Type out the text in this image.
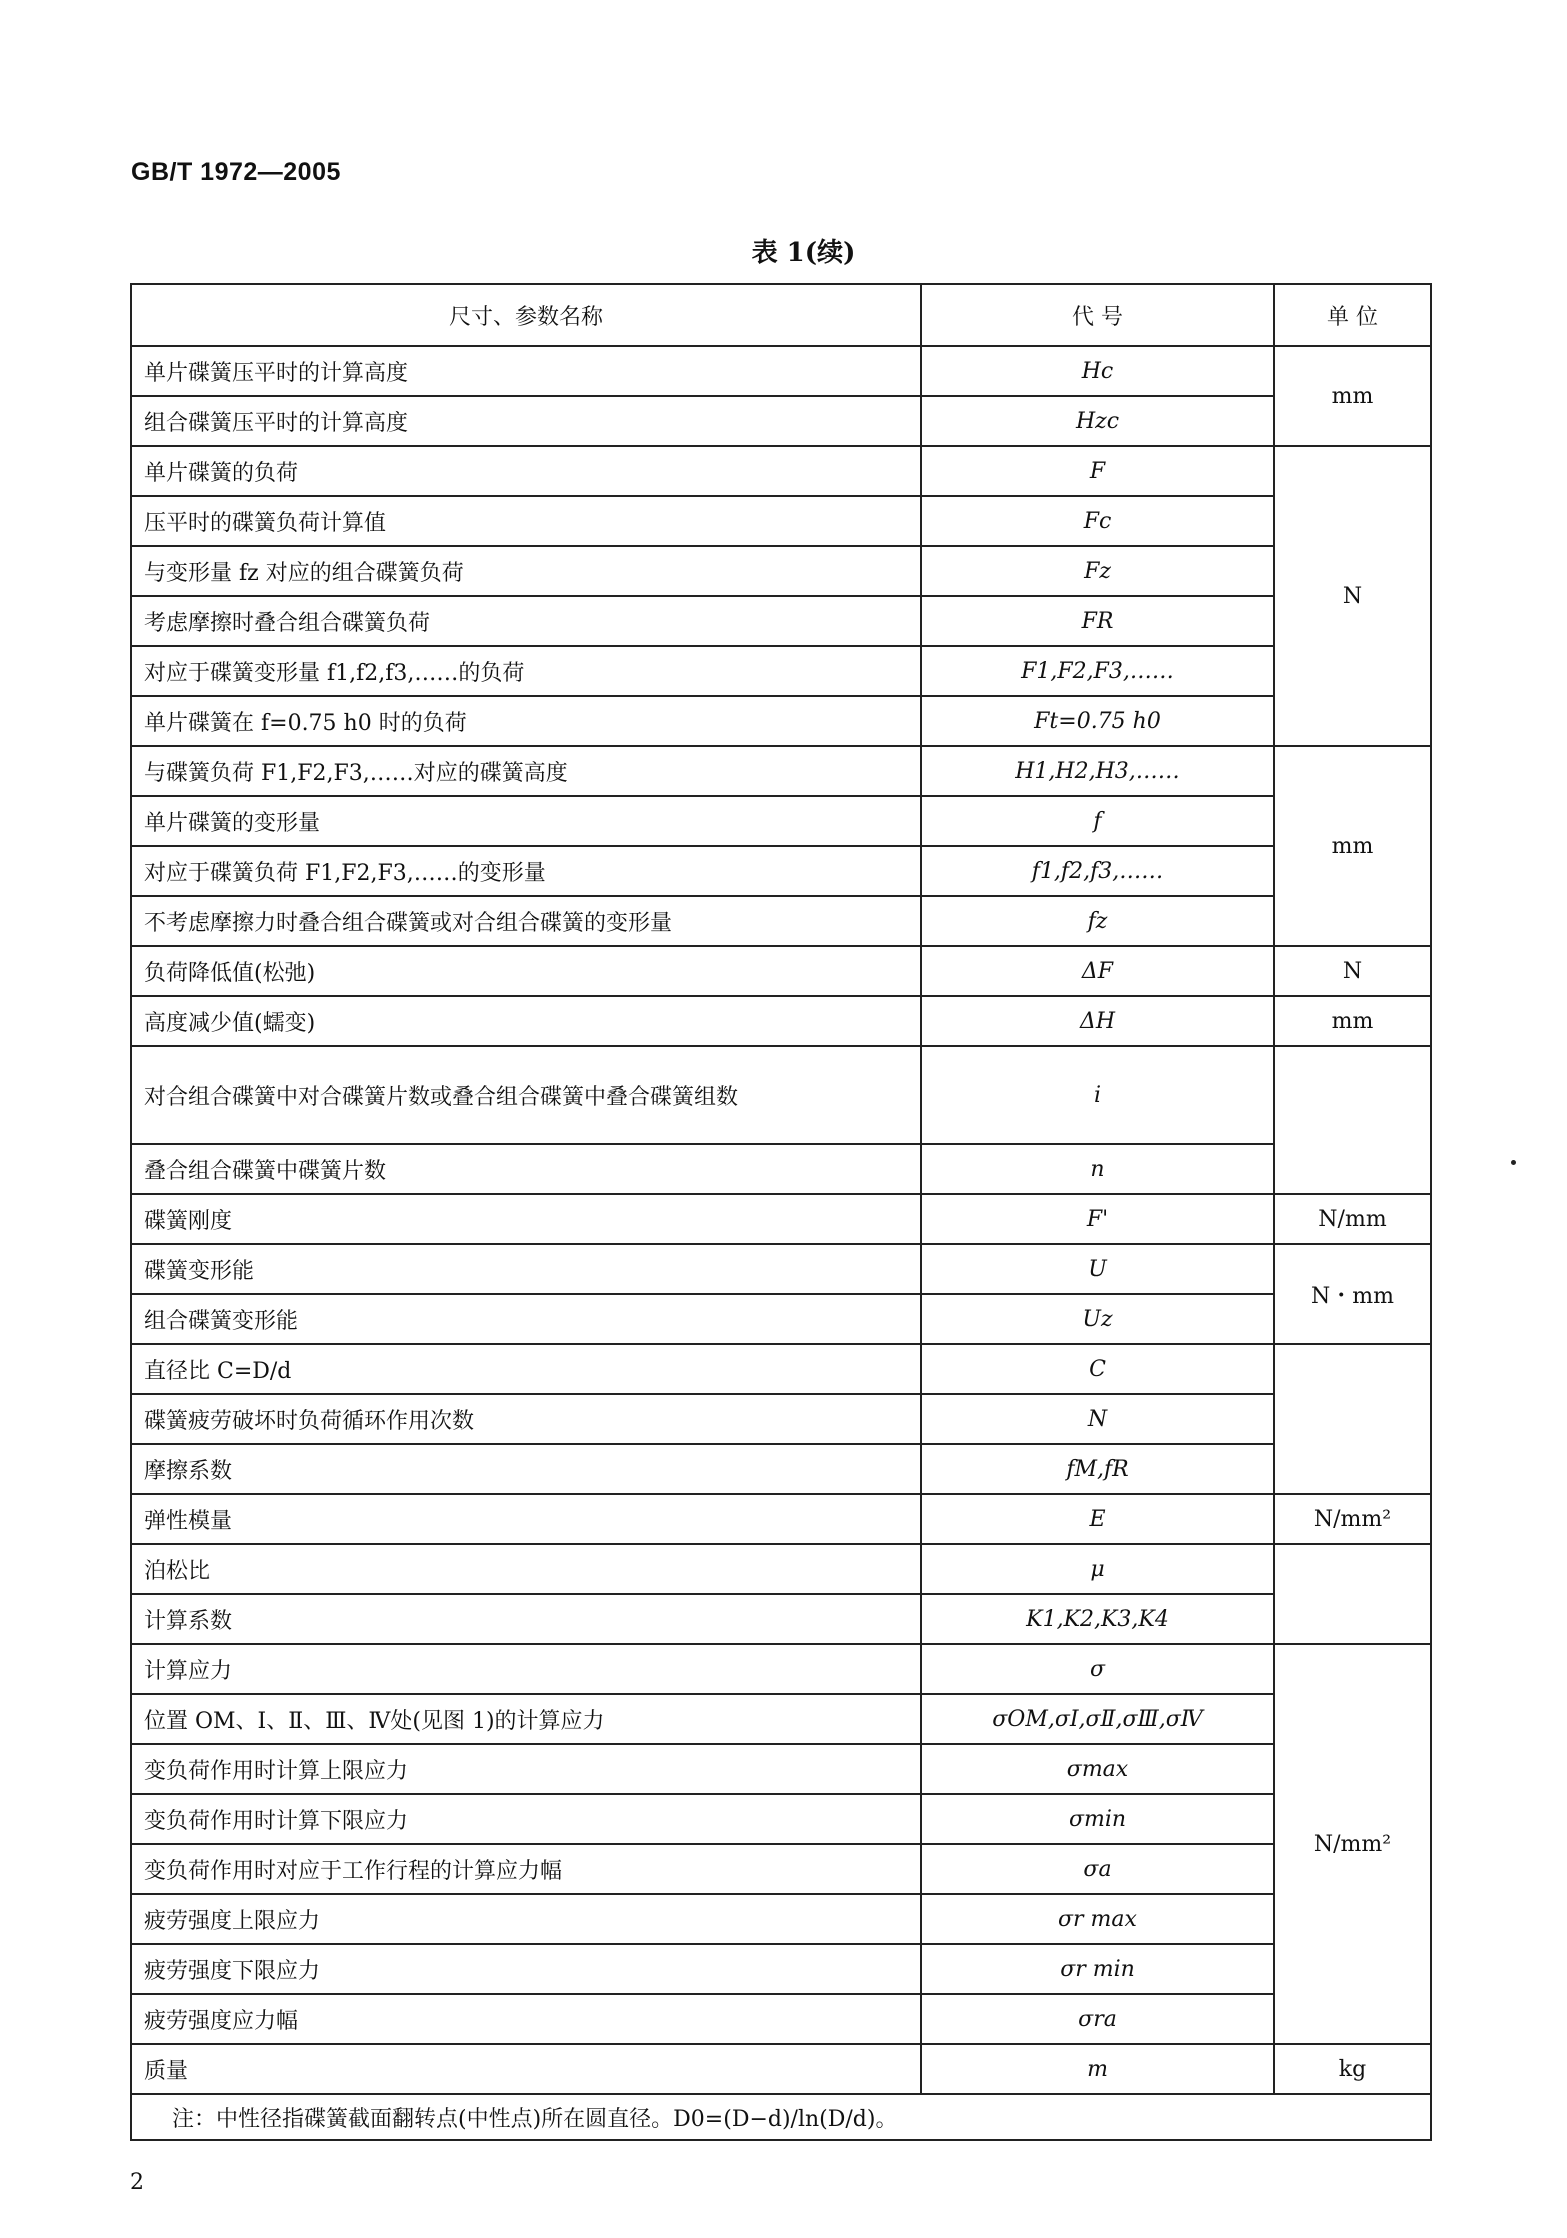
GB/T 1972—2005
表 1(续)
尺寸、参数名称	代 号	单 位
单片碟簧压平时的计算高度	Hc	mm
组合碟簧压平时的计算高度	Hzc	
单片碟簧的负荷	F	N
压平时的碟簧负荷计算值	Fc	
与变形量 fz 对应的组合碟簧负荷	Fz	
考虑摩擦时叠合组合碟簧负荷	FR	
对应于碟簧变形量 f1,f2,f3,……的负荷	F1,F2,F3,……	
单片碟簧在 f=0.75 h0 时的负荷	Ft=0.75 h0	
与碟簧负荷 F1,F2,F3,……对应的碟簧高度	H1,H2,H3,……	mm
单片碟簧的变形量	f	
对应于碟簧负荷 F1,F2,F3,……的变形量	f1,f2,f3,……	
不考虑摩擦力时叠合组合碟簧或对合组合碟簧的变形量	fz	
负荷降低值(松弛)	ΔF	N
高度减少值(蠕变)	ΔH	mm
对合组合碟簧中对合碟簧片数或叠合组合碟簧中叠合碟簧组数	i	
叠合组合碟簧中碟簧片数	n	
碟簧刚度	F'	N/mm
碟簧变形能	U	N・mm
组合碟簧变形能	Uz	
直径比 C=D/d	C	
碟簧疲劳破坏时负荷循环作用次数	N	
摩擦系数	fM,fR	
弹性模量	E	N/mm²
泊松比	μ	
计算系数	K1,K2,K3,K4	
计算应力	σ	N/mm²
位置 OM、Ⅰ、Ⅱ、Ⅲ、Ⅳ处(见图 1)的计算应力	σOM,σⅠ,σⅡ,σⅢ,σⅣ	
变负荷作用时计算上限应力	σmax	
变负荷作用时计算下限应力	σmin	
变负荷作用时对应于工作行程的计算应力幅	σa	
疲劳强度上限应力	σr max	
疲劳强度下限应力	σr min	
疲劳强度应力幅	σra	
质量	m	kg
注：中性径指碟簧截面翻转点(中性点)所在圆直径。D0=(D−d)/ln(D/d)。		
2
